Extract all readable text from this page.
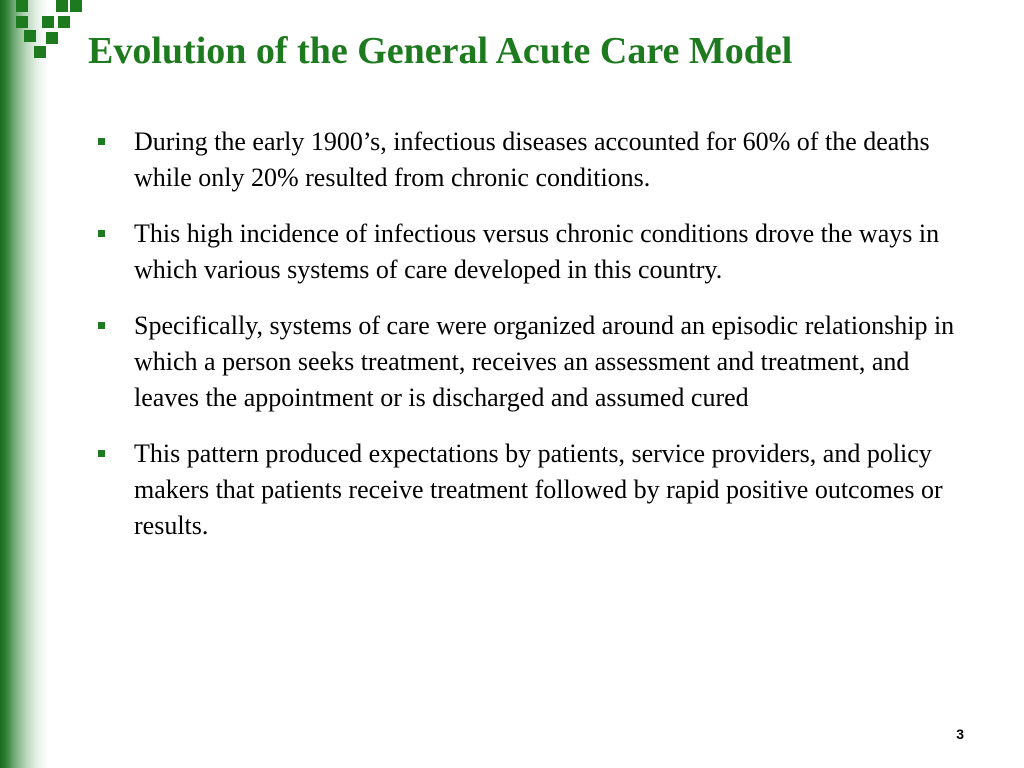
Evolution of the General Acute Care Model
During the early 1900’s, infectious diseases accounted for 60% of the deaths while only 20% resulted from chronic conditions.
This high incidence of infectious versus chronic conditions drove the ways in which various systems of care developed in this country.
Specifically, systems of care were organized around an episodic relationship in which a person seeks treatment, receives an assessment and treatment, and leaves the appointment or is discharged and assumed cured
This pattern produced expectations by patients, service providers, and policy makers that patients receive treatment followed by rapid positive outcomes or results.
3
